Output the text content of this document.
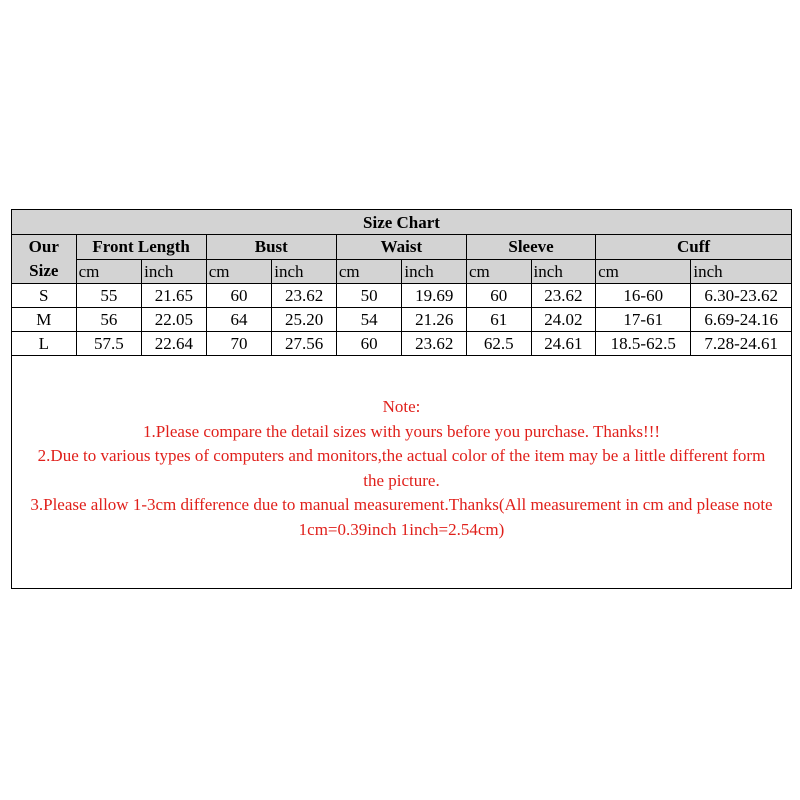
Size Chart										
Our
Size	Front Length		Bust		Waist		Sleeve		Cuff	
	cm	inch	cm	inch	cm	inch	cm	inch	cm	inch
S	55	21.65	60	23.62	50	19.69	60	23.62	16-60	6.30-23.62
M	56	22.05	64	25.20	54	21.26	61	24.02	17-61	6.69-24.16
L	57.5	22.64	70	27.56	60	23.62	62.5	24.61	18.5-62.5	7.28-24.61

Note:

1.Please compare the detail sizes with yours before you purchase. Thanks!!!

2.Due to various types of computers and monitors,the actual color of the item may be a little different form the picture.

3.Please allow 1-3cm difference due to manual measurement.Thanks(All measurement in cm and please note 1cm=0.39inch 1inch=2.54cm)
